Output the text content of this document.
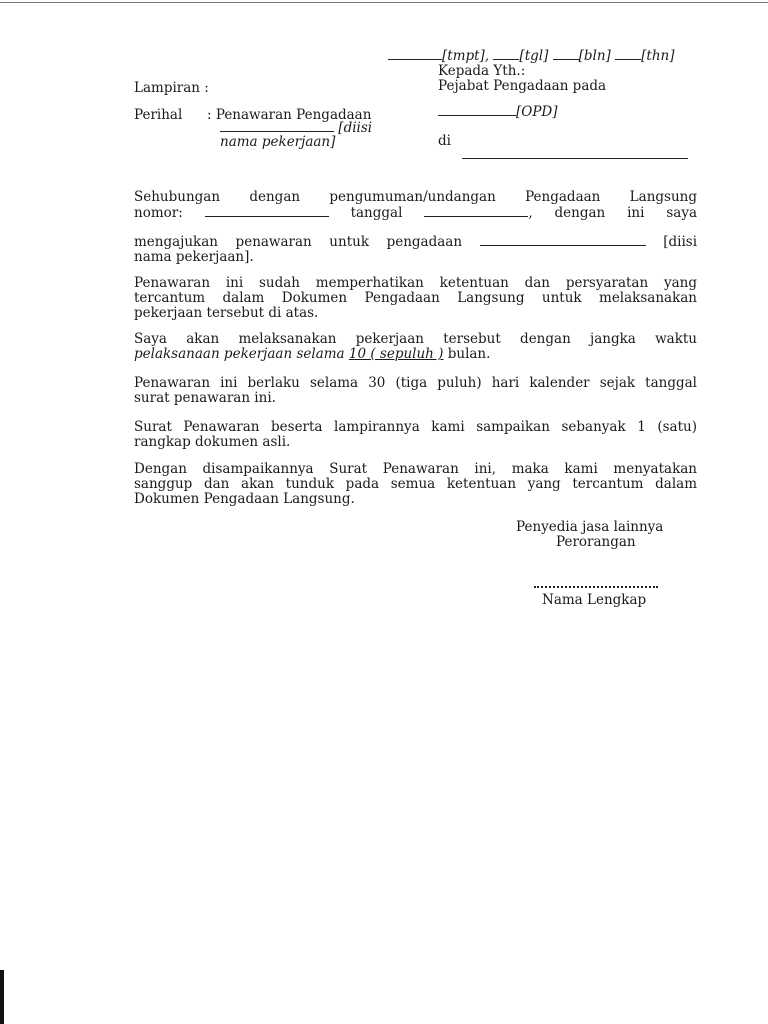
[tmpt], [tgl] [bln] [thn]
Kepada Yth.:
Pejabat Pengadaan pada
Lampiran :
Perihal : Penawaran Pengadaan	[OPD]
[diisi
nama pekerjaan]	di
Sehubungan dengan pengumuman/undangan Pengadaan Langsung
nomor:	tanggal	, dengan ini saya
mengajukan penawaran untuk pengadaan	[diisi
nama pekerjaan].
Penawaran ini sudah memperhatikan ketentuan dan persyaratan yang
tercantum dalam Dokumen Pengadaan Langsung untuk melaksanakan
pekerjaan tersebut di atas.
Saya akan melaksanakan pekerjaan tersebut dengan jangka waktu
pelaksanaan pekerjaan selama 10 ( sepuluh ) bulan.
Penawaran ini berlaku selama 30 (tiga puluh) hari kalender sejak tanggal
surat penawaran ini.
Surat Penawaran beserta lampirannya kami sampaikan sebanyak 1 (satu)
rangkap dokumen asli.
Dengan disampaikannya Surat Penawaran ini, maka kami menyatakan
sanggup dan akan tunduk pada semua ketentuan yang tercantum dalam
Dokumen Pengadaan Langsung.
Penyedia jasa lainnya
Perorangan
Nama Lengkap
